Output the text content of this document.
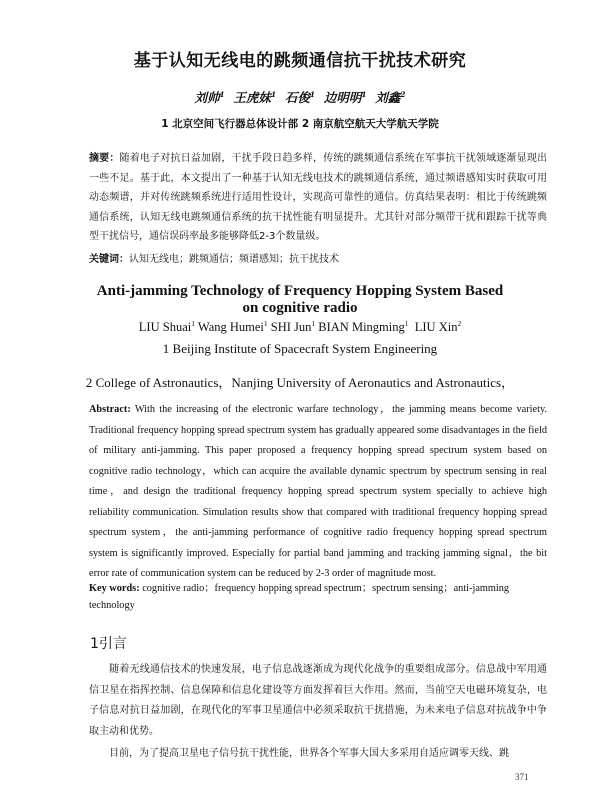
基于认知无线电的跳频通信抗干扰技术研究
刘帅$^1$ 王虎妹$^1$ 石俊$^1$ 边明明$^1$ 刘鑫$^2$
1 北京空间飞行器总体设计部 2 南京航空航天大学航天学院
摘要：随着电子对抗日益加剧，干扰手段日趋多样，传统的跳频通信系统在军事抗干扰领域逐渐显现出一些不足。基于此，本文提出了一种基于认知无线电技术的跳频通信系统，通过频谱感知实时获取可用动态频谱，并对传统跳频系统进行适用性设计，实现高可靠性的通信。仿真结果表明：相比于传统跳频通信系统，认知无线电跳频通信系统的抗干扰性能有明显提升。尤其针对部分频带干扰和跟踪干扰等典型干扰信号，通信误码率最多能够降低2-3个数量级。
关键词：认知无线电；跳频通信；频谱感知；抗干扰技术
Anti-jamming Technology of Frequency Hopping System Based
on cognitive radio
LIU Shuai$^1$ Wang Humei$^1$ SHI Jun$^1$ BIAN Mingming$^1$ LIU Xin$^2$
1 Beijing Institute of Spacecraft System Engineering
2 College of Astronautics，Nanjing University of Aeronautics and Astronautics，
Abstract: With the increasing of the electronic warfare technology，the jamming means become variety. Traditional frequency hopping spread spectrum system has gradually appeared some disadvantages in the field of military anti-jamming. This paper proposed a frequency hopping spread spectrum system based on cognitive radio technology，which can acquire the available dynamic spectrum by spectrum sensing in real time，and design the traditional frequency hopping spread spectrum system specially to achieve high reliability communication. Simulation results show that compared with traditional frequency hopping spread spectrum system，the anti-jamming performance of cognitive radio frequency hopping spread spectrum system is significantly improved. Especially for partial band jamming and tracking jamming signal，the bit error rate of communication system can be reduced by 2-3 order of magnitude most.
Key words: cognitive radio；frequency hopping spread spectrum；spectrum sensing；anti-jamming technology
1引言
  随着无线通信技术的快速发展，电子信息战逐渐成为现代化战争的重要组成部分。信息战中军用通信卫星在指挥控制、信息保障和信息化建设等方面发挥着巨大作用。然而，当前空天电磁环境复杂，电子信息对抗日益加剧，在现代化的军事卫星通信中必须采取抗干扰措施，为未来电子信息对抗战争中争取主动和优势。
  目前，为了提高卫星电子信号抗干扰性能，世界各个军事大国大多采用自适应调零天线、跳
371
